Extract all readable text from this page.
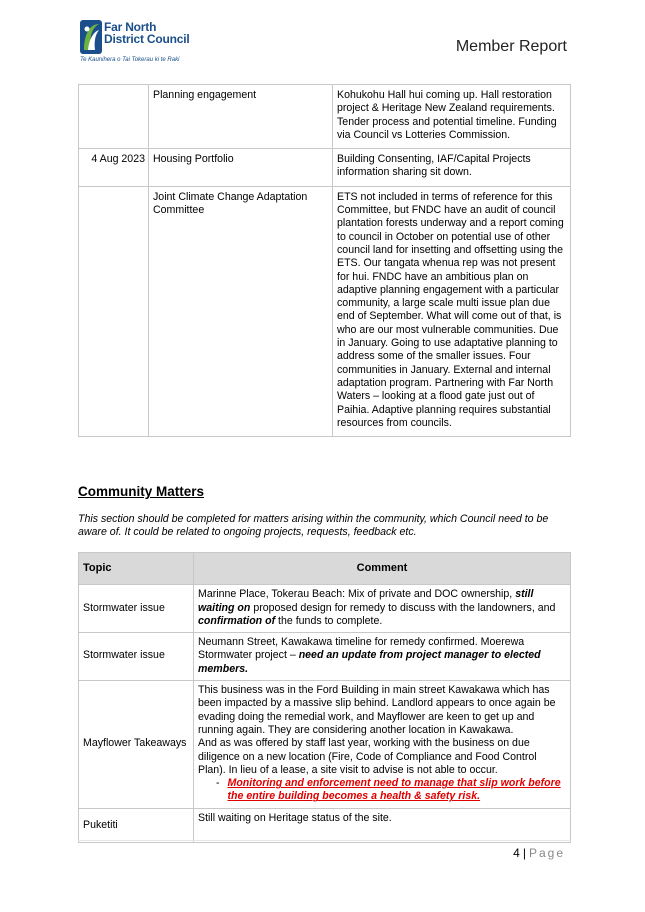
Far North
District Council
Te Kaunihera o Tai Tokerau ki te Raki
Member Report
	Planning engagement	Kohukohu Hall hui coming up. Hall restoration project & Heritage New Zealand requirements. Tender process and potential timeline. Funding via Council vs Lotteries Commission.
4 Aug 2023	Housing Portfolio	Building Consenting, IAF/Capital Projects information sharing sit down.
	Joint Climate Change Adaptation Committee	ETS not included in terms of reference for this Committee, but FNDC have an audit of council plantation forests underway and a report coming to council in October on potential use of other council land for insetting and offsetting using the ETS. Our tangata whenua rep was not present for hui. FNDC have an ambitious plan on adaptive planning engagement with a particular community, a large scale multi issue plan due end of September. What will come out of that, is who are our most vulnerable communities. Due in January. Going to use adaptative planning to address some of the smaller issues. Four communities in January. External and internal adaptation program. Partnering with Far North Waters – looking at a flood gate just out of Paihia. Adaptive planning requires substantial resources from councils.
Community Matters
This section should be completed for matters arising within the community, which Council need to be aware of. It could be related to ongoing projects, requests, feedback etc.
Topic	Comment
Stormwater issue	Marinne Place, Tokerau Beach: Mix of private and DOC ownership, still waiting on proposed design for remedy to discuss with the landowners, and confirmation of the funds to complete.
Stormwater issue	Neumann Street, Kawakawa timeline for remedy confirmed. Moerewa Stormwater project – need an update from project manager to elected members.
Mayflower Takeaways	This business was in the Ford Building in main street Kawakawa which has been impacted by a massive slip behind. Landlord appears to once again be evading doing the remedial work, and Mayflower are keen to get up and running again. They are considering another location in Kawakawa.
And as was offered by staff last year, working with the business on due diligence on a new location (Fire, Code of Compliance and Food Control Plan). In lieu of a lease, a site visit to advise is not able to occur.
- Monitoring and enforcement need to manage that slip work before the entire building becomes a health & safety risk.

Puketiti	Still waiting on Heritage status of the site.
4 | Page
